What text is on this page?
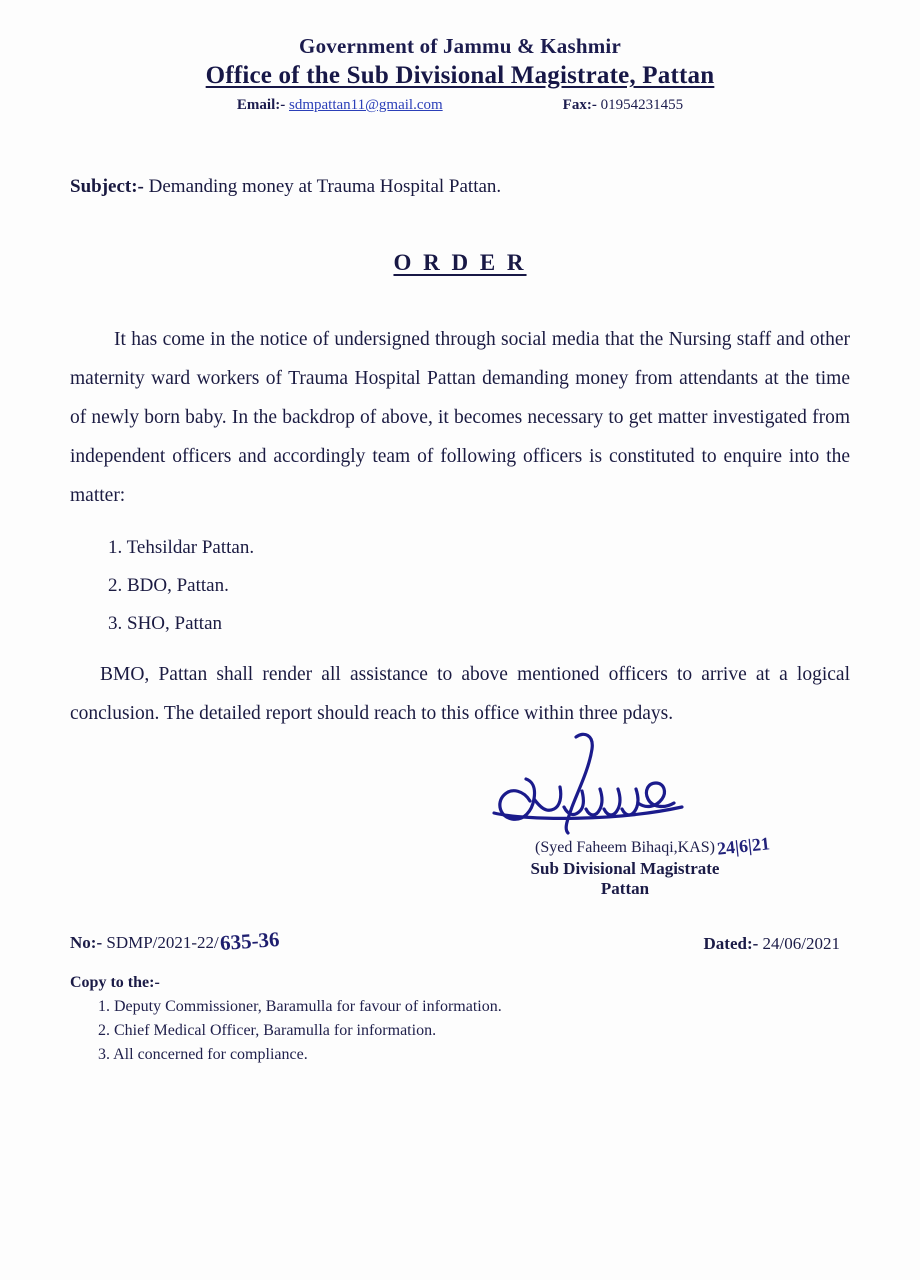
Government of Jammu & Kashmir
Office of the Sub Divisional Magistrate, Pattan
Email:- sdmpattan11@gmail.com	Fax:- 01954231455
Subject:- Demanding money at Trauma Hospital Pattan.
O R D E R
It has come in the notice of undersigned through social media that the Nursing staff and other maternity ward workers of Trauma Hospital Pattan demanding money from attendants at the time of newly born baby. In the backdrop of above, it becomes necessary to get matter investigated from independent officers and accordingly team of following officers is constituted to enquire into the matter:
1. Tehsildar Pattan.
2. BDO, Pattan.
3. SHO, Pattan
BMO, Pattan shall render all assistance to above mentioned officers to arrive at a logical conclusion. The detailed report should reach to this office within three pdays.
(Syed Faheem Bihaqi,KAS) 24|6|21
Sub Divisional Magistrate
Pattan
No:- SDMP/2021-22/635-36	Dated:- 24/06/2021
Copy to the:-
1. Deputy Commissioner, Baramulla for favour of information.
2. Chief Medical Officer, Baramulla for information.
3. All concerned for compliance.
